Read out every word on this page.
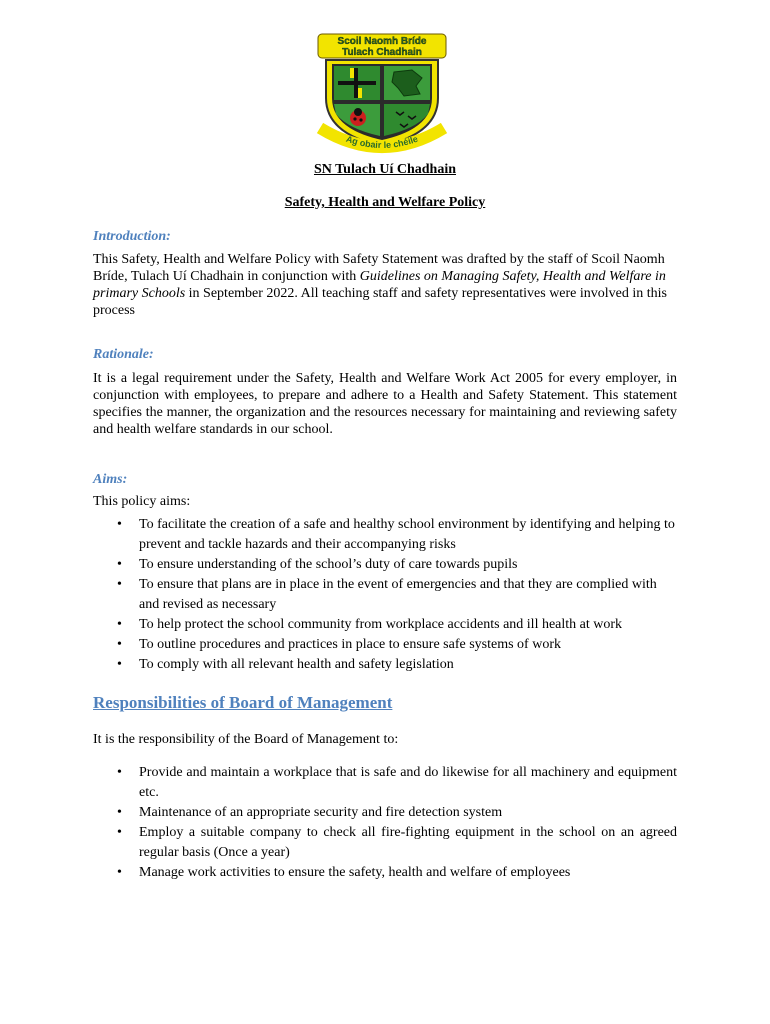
Scoil Naomh Bríde
Tulach Chadhain
Ag obair le chéile
SN Tulach Uí Chadhain
Safety, Health and Welfare Policy
Introduction:
This Safety, Health and Welfare Policy with Safety Statement was drafted by the staff of Scoil Naomh Bríde, Tulach Uí Chadhain in conjunction with Guidelines on Managing Safety, Health and Welfare in primary Schools in September 2022. All teaching staff and safety representatives were involved in this process
Rationale:
It is a legal requirement under the Safety, Health and Welfare Work Act 2005 for every employer, in conjunction with employees, to prepare and adhere to a Health and Safety Statement. This statement specifies the manner, the organization and the resources necessary for maintaining and reviewing safety and health welfare standards in our school.
Aims:
This policy aims:
• To facilitate the creation of a safe and healthy school environment by identifying and helping to prevent and tackle hazards and their accompanying risks
• To ensure understanding of the school’s duty of care towards pupils
• To ensure that plans are in place in the event of emergencies and that they are complied with and revised as necessary
• To help protect the school community from workplace accidents and ill health at work
• To outline procedures and practices in place to ensure safe systems of work
• To comply with all relevant health and safety legislation
Responsibilities of Board of Management
It is the responsibility of the Board of Management to:
• Provide and maintain a workplace that is safe and do likewise for all machinery and equipment etc.
• Maintenance of an appropriate security and fire detection system
• Employ a suitable company to check all fire-fighting equipment in the school on an agreed regular basis (Once a year)
• Manage work activities to ensure the safety, health and welfare of employees
